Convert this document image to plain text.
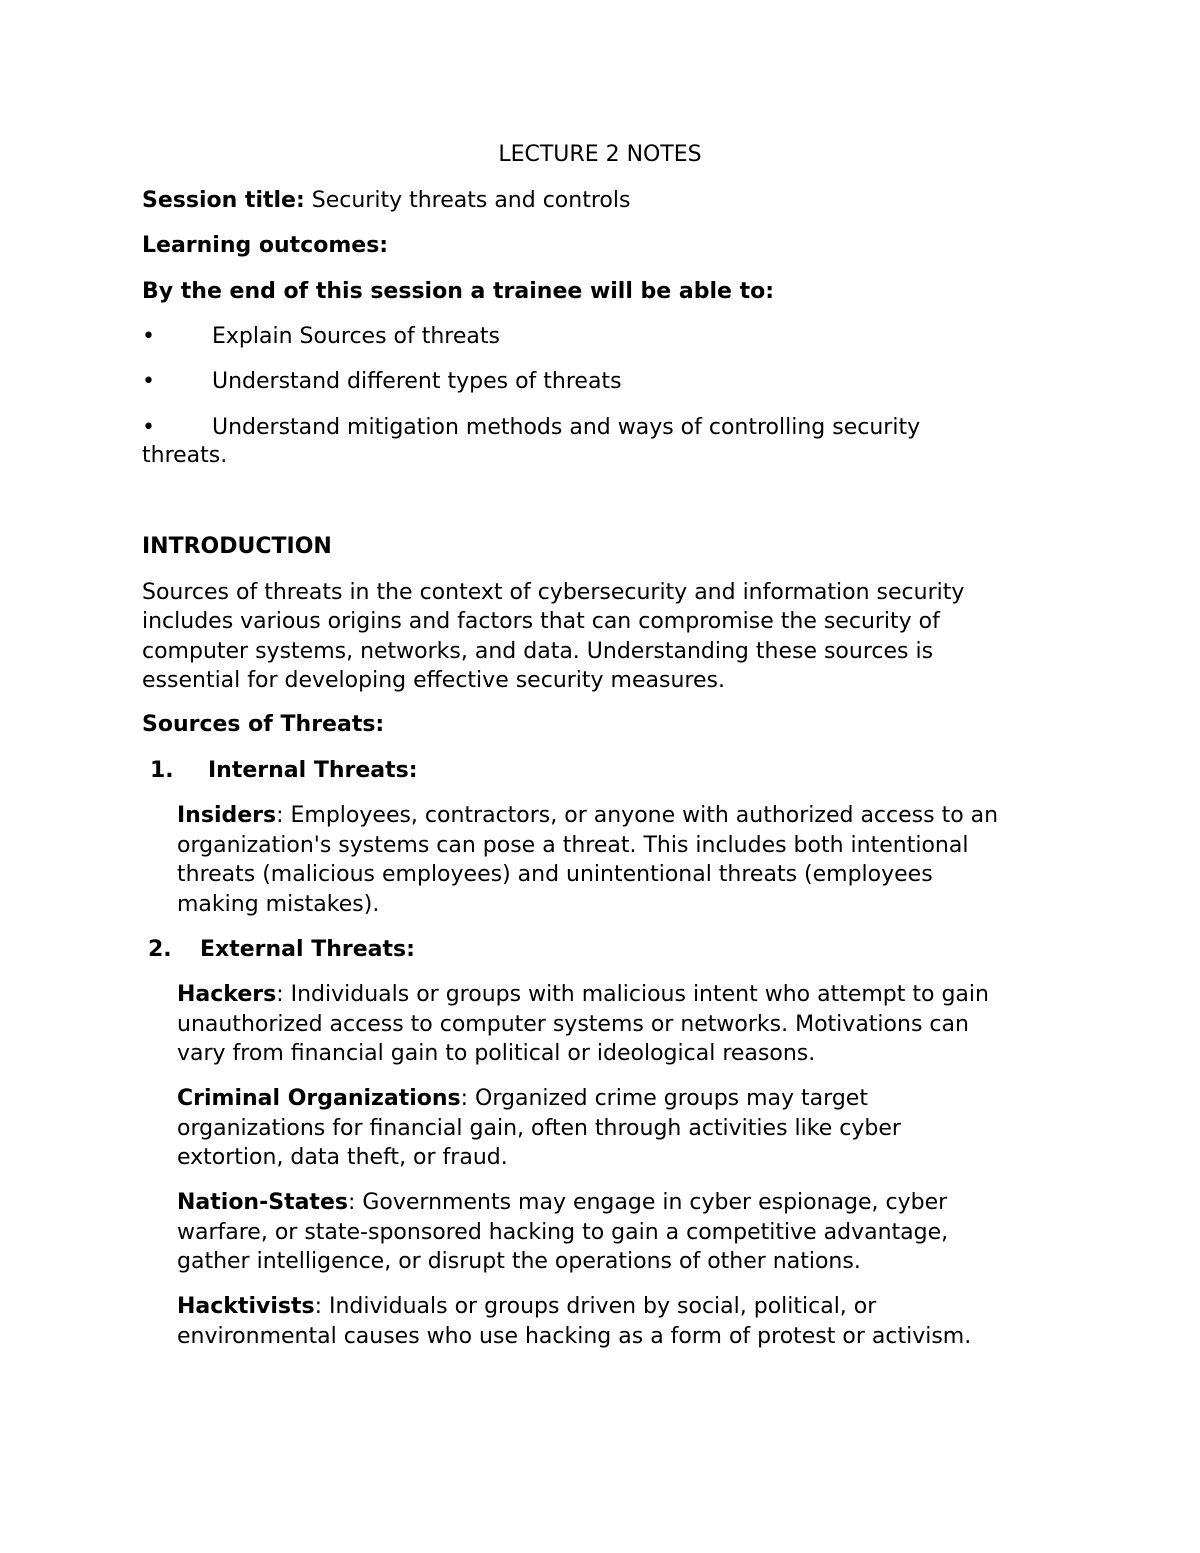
LECTURE 2 NOTES

Session title: Security threats and controls

Learning outcomes:

By the end of this session a trainee will be able to:

•	Explain Sources of threats

•	Understand different types of threats

•	Understand mitigation methods and ways of controlling security

threats.

INTRODUCTION

Sources of threats in the context of cybersecurity and information security

includes various origins and factors that can compromise the security of

computer systems, networks, and data. Understanding these sources is

essential for developing effective security measures.

Sources of Threats:

1. Internal Threats:

Insiders: Employees, contractors, or anyone with authorized access to an

organization's systems can pose a threat. This includes both intentional

threats (malicious employees) and unintentional threats (employees

making mistakes).

2. External Threats:

Hackers: Individuals or groups with malicious intent who attempt to gain

unauthorized access to computer systems or networks. Motivations can

vary from financial gain to political or ideological reasons.

Criminal Organizations: Organized crime groups may target

organizations for financial gain, often through activities like cyber

extortion, data theft, or fraud.

Nation-States: Governments may engage in cyber espionage, cyber

warfare, or state-sponsored hacking to gain a competitive advantage,

gather intelligence, or disrupt the operations of other nations.

Hacktivists: Individuals or groups driven by social, political, or

environmental causes who use hacking as a form of protest or activism.
